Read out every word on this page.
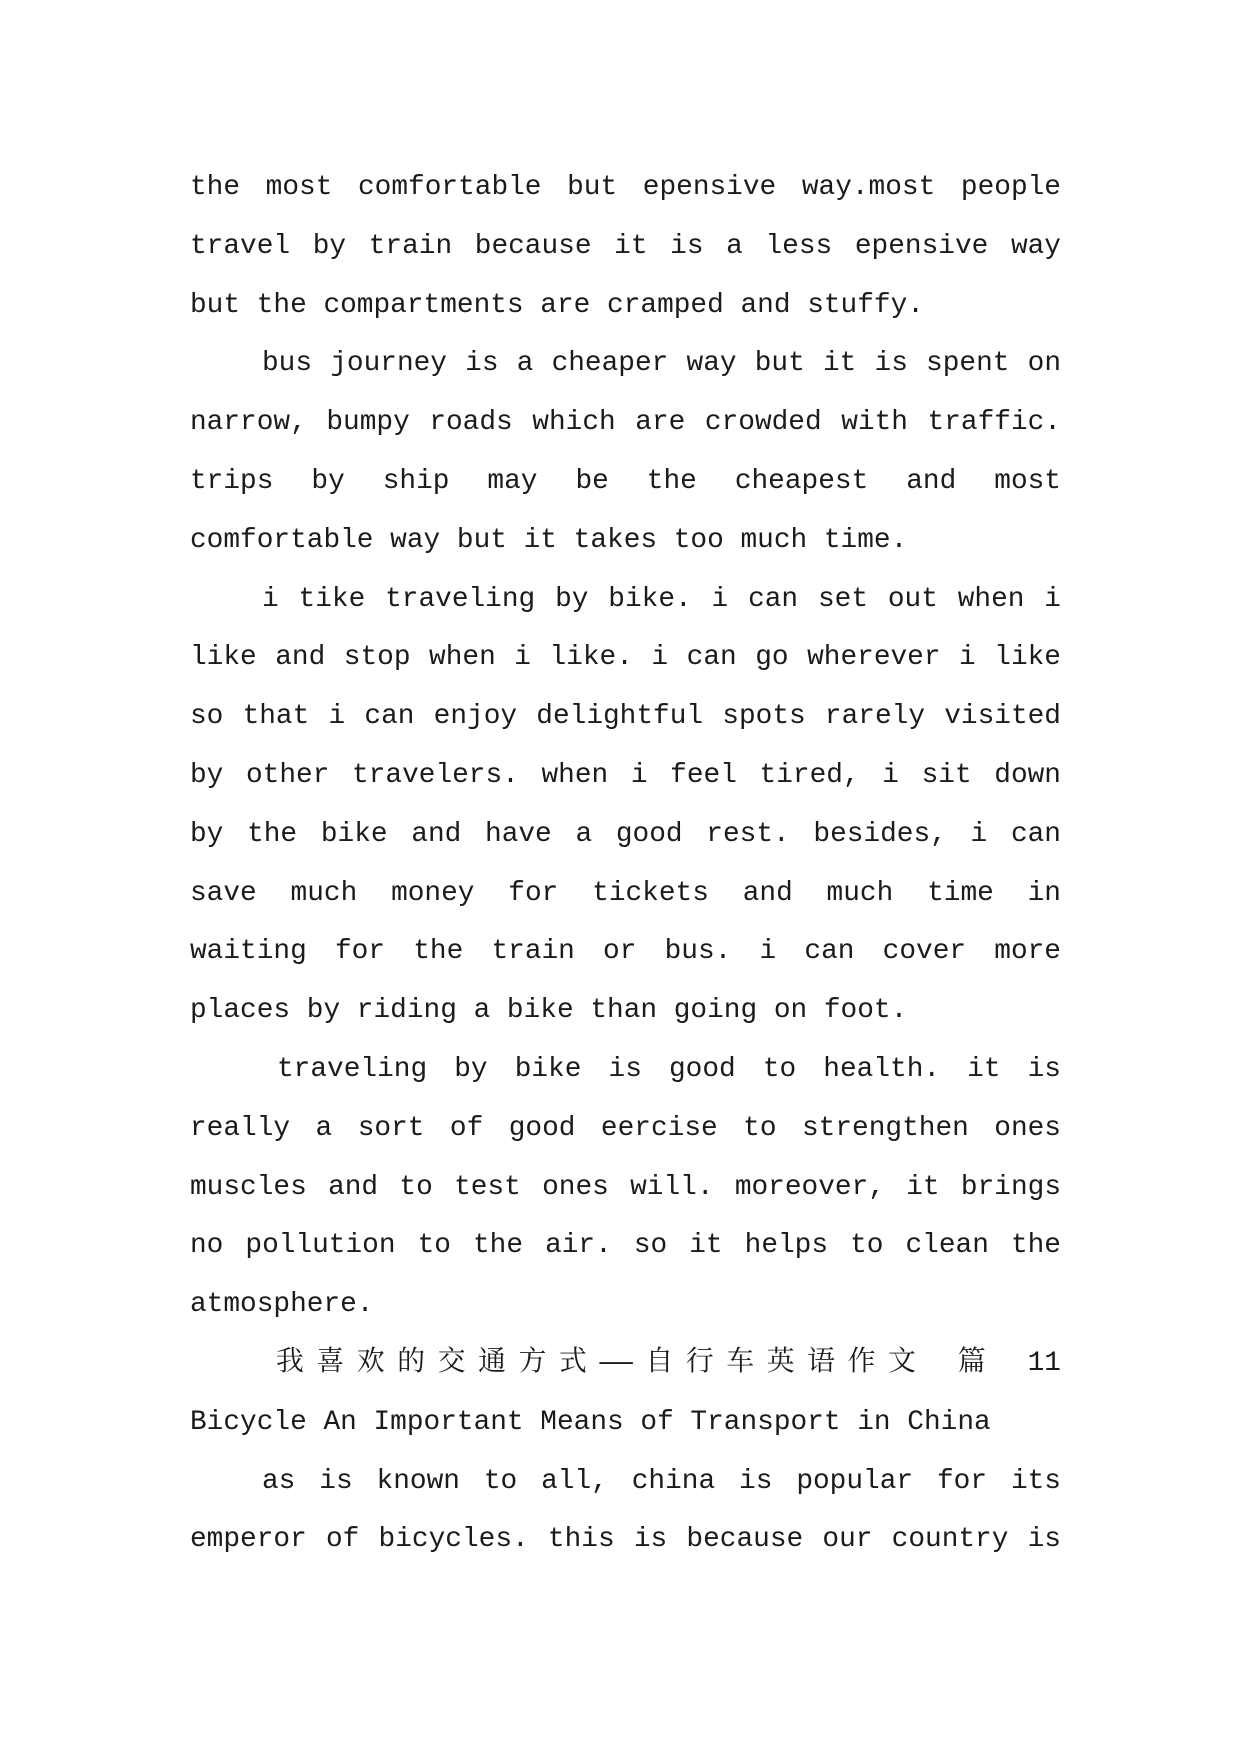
the most comfortable but epensive way.most people
travel by train because it is a less epensive way
but the compartments are cramped and stuffy.
bus journey is a cheaper way but it is spent on
narrow, bumpy roads which are crowded with traffic.
trips by ship may be the cheapest and most
comfortable way but it takes too much time.
i tike traveling by bike. i can set out when i
like and stop when i like. i can go wherever i like
so that i can enjoy delightful spots rarely visited
by other travelers. when i feel tired, i sit down
by the bike and have a good rest. besides, i can
save much money for tickets and much time in
waiting for the train or bus. i can cover more
places by riding a bike than going on foot.
traveling by bike is good to health. it is
really a sort of good eercise to strengthen ones
muscles and to test ones will. moreover, it brings
no pollution to the air. so it helps to clean the
atmosphere.
我喜欢的交通方式——自行车英语作文 篇 11
Bicycle An Important Means of Transport in China
as is known to all, china is popular for its
emperor of bicycles. this is because our country is
